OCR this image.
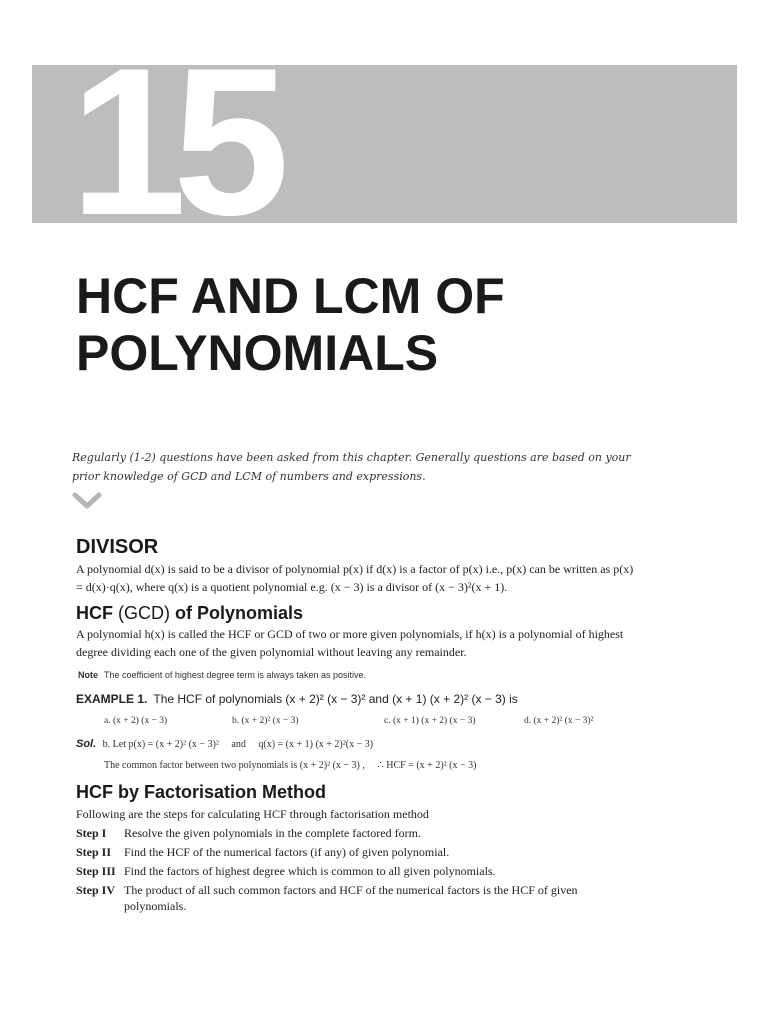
15
HCF AND LCM OF
POLYNOMIALS

Regularly (1-2) questions have been asked from this chapter. Generally questions are based on your prior knowledge of GCD and LCM of numbers and expressions.

DIVISOR

A polynomial d(x) is said to be a divisor of polynomial p(x) if d(x) is a factor of p(x) i.e., p(x) can be written as p(x) = d(x)·q(x), where q(x) is a quotient polynomial e.g. (x − 3) is a divisor of (x − 3)²(x + 1).

HCF (GCD) of Polynomials

A polynomial h(x) is called the HCF or GCD of two or more given polynomials, if h(x) is a polynomial of highest degree dividing each one of the given polynomial without leaving any remainder.

Note The coefficient of highest degree term is always taken as positive.
EXAMPLE 1. The HCF of polynomials (x + 2)² (x − 3)² and (x + 1) (x + 2)² (x − 3) is
a. (x + 2) (x − 3)	b. (x + 2)² (x − 3)	c. (x + 1) (x + 2) (x − 3)	d. (x + 2)² (x − 3)²
Sol. b. Let p(x) = (x + 2)² (x − 3)² and q(x) = (x + 1) (x + 2)²(x − 3)
The common factor between two polynomials is (x + 2)² (x − 3) , ∴ HCF = (x + 2)² (x − 3)
HCF by Factorisation Method

Following are the steps for calculating HCF through factorisation method

Step I	Resolve the given polynomials in the complete factored form.
Step II	Find the HCF of the numerical factors (if any) of given polynomial.
Step III Find the factors of highest degree which is common to all given polynomials.
Step IV The product of all such common factors and HCF of the numerical factors is the HCF of given polynomials.
